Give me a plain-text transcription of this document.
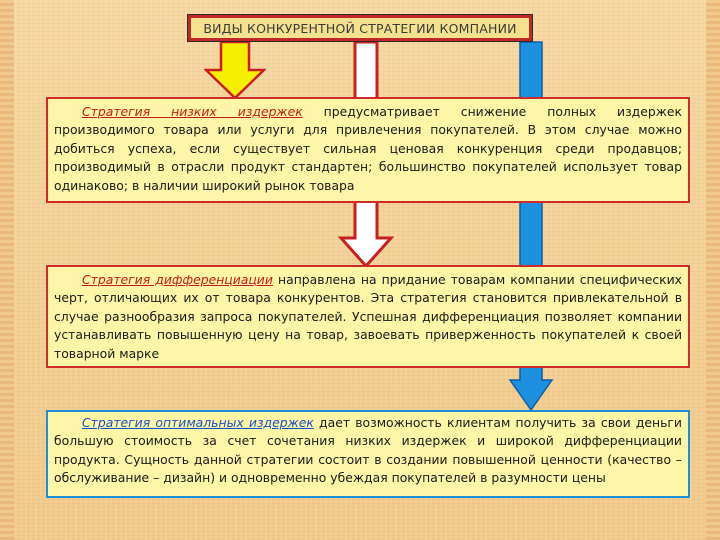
ВИДЫ КОНКУРЕНТНОЙ СТРАТЕГИИ КОМПАНИИ
Стратегия низких издержек предусматривает снижение полных издержек производимого товара или услуги для привлечения покупателей. В этом случае можно добиться успеха, если существует сильная ценовая конкуренция среди продавцов; производимый в отрасли продукт стандартен; большинство покупателей использует товар одинаково; в наличии широкий рынок товара
Стратегия дифференциации направлена на придание товарам компании специфических черт, отличающих их от товара конкурентов. Эта стратегия становится привлекательной в случае разнообразия запроса покупателей. Успешная дифференциация позволяет компании устанавливать повышенную цену на товар, завоевать приверженность покупателей к своей товарной марке
Стратегия оптимальных издержек дает возможность клиентам получить за свои деньги большую стоимость за счет сочетания низких издержек и широкой дифференциации продукта. Сущность данной стратегии состоит в создании повышенной ценности (качество – обслуживание – дизайн) и одновременно убеждая покупателей в разумности цены
